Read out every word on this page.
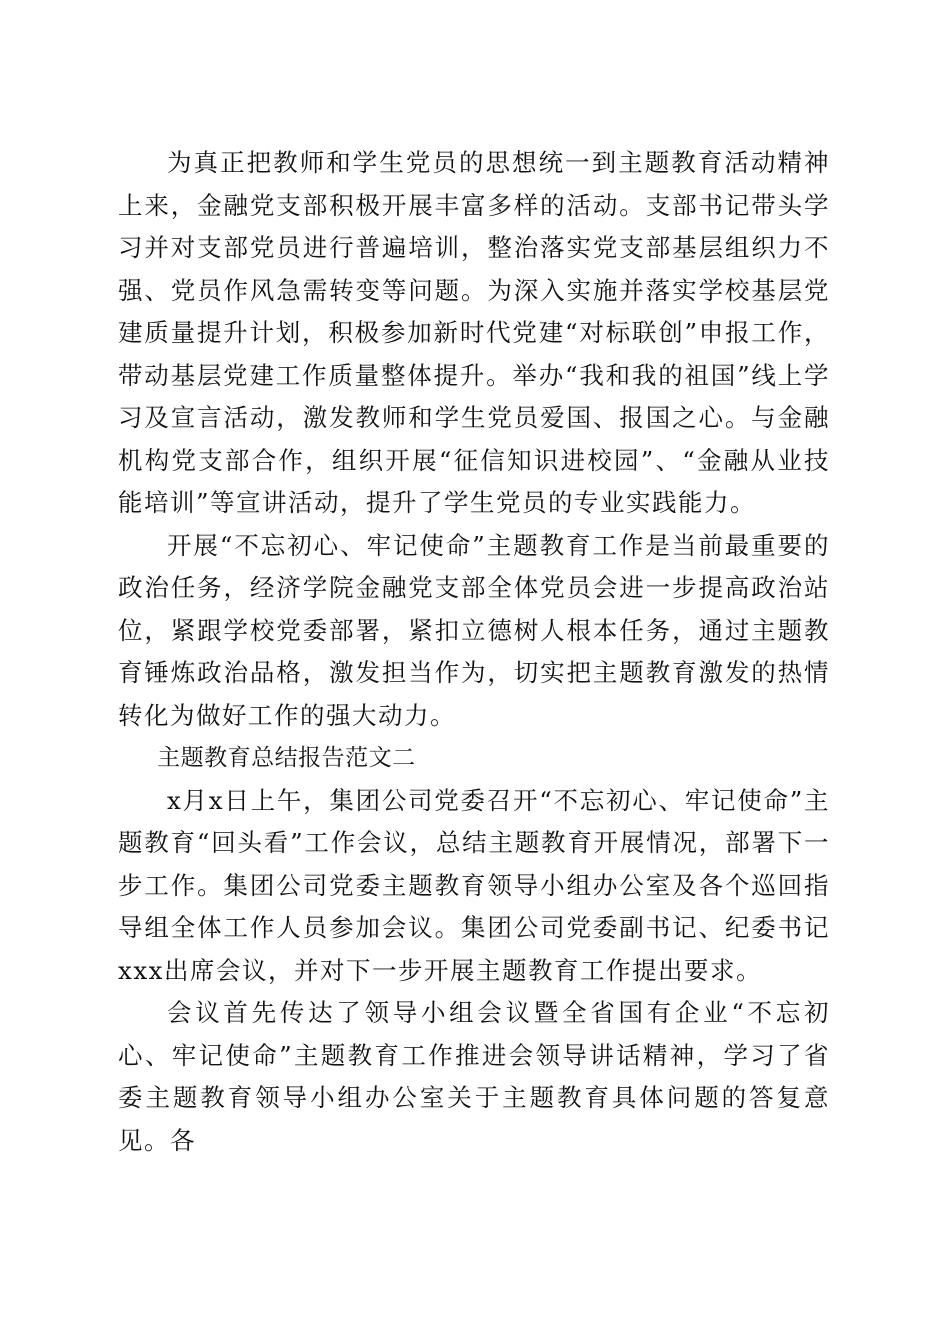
为真正把教师和学生党员的思想统一到主题教育活动精神上来，金融党支部积极开展丰富多样的活动。支部书记带头学习并对支部党员进行普遍培训，整治落实党支部基层组织力不强、党员作风急需转变等问题。为深入实施并落实学校基层党建质量提升计划，积极参加新时代党建“对标联创”申报工作，带动基层党建工作质量整体提升。举办“我和我的祖国”线上学习及宣言活动，激发教师和学生党员爱国、报国之心。与金融机构党支部合作，组织开展“征信知识进校园”、“金融从业技能培训”等宣讲活动，提升了学生党员的专业实践能力。

开展“不忘初心、牢记使命”主题教育工作是当前最重要的政治任务，经济学院金融党支部全体党员会进一步提高政治站位，紧跟学校党委部署，紧扣立德树人根本任务，通过主题教育锤炼政治品格，激发担当作为，切实把主题教育激发的热情转化为做好工作的强大动力。

主题教育总结报告范文二

x月x日上午，集团公司党委召开“不忘初心、牢记使命”主题教育“回头看”工作会议，总结主题教育开展情况，部署下一步工作。集团公司党委主题教育领导小组办公室及各个巡回指导组全体工作人员参加会议。集团公司党委副书记、纪委书记xxx出席会议，并对下一步开展主题教育工作提出要求。

会议首先传达了领导小组会议暨全省国有企业“不忘初心、牢记使命”主题教育工作推进会领导讲话精神，学习了省委主题教育领导小组办公室关于主题教育具体问题的答复意见。各
